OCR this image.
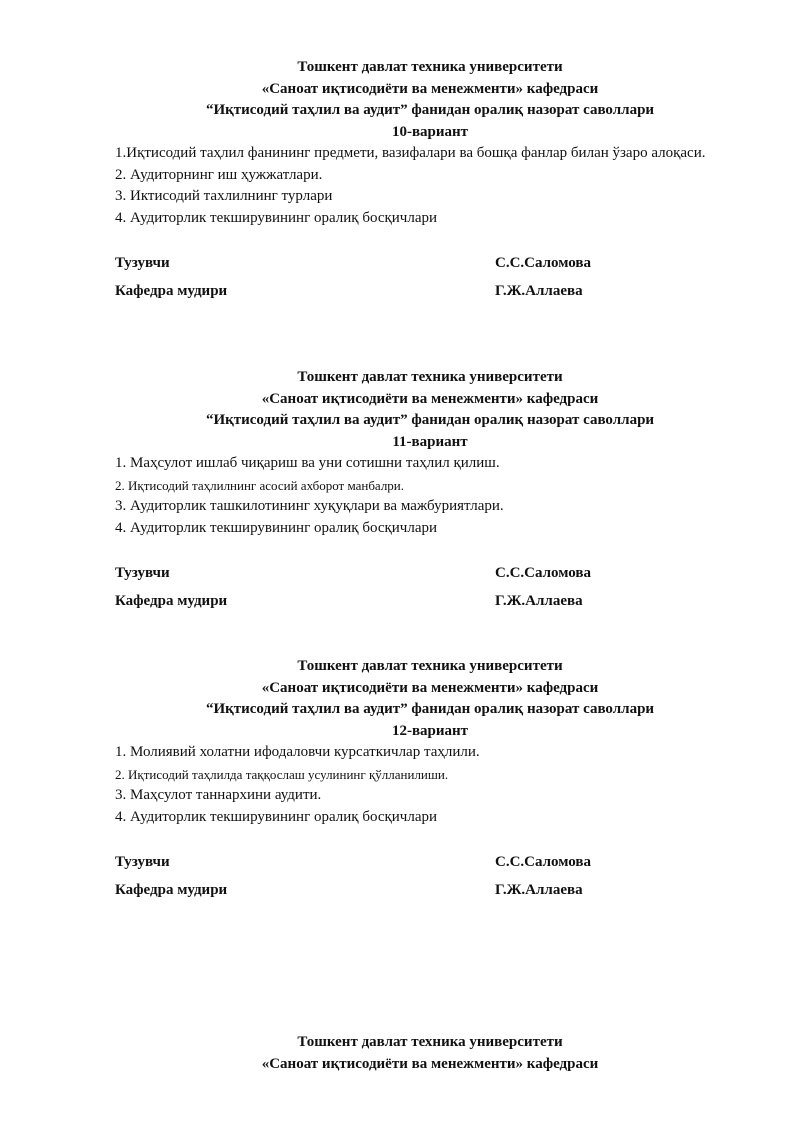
Тошкент давлат техника университети

«Саноат иқтисодиёти ва менежменти» кафедраси

“Иқтисодий таҳлил ва аудит” фанидан оралиқ назорат саволлари

10-вариант

1.Иқтисодий таҳлил фанининг предмети, вазифалари ва бошқа фанлар билан ўзаро алоқаси.

2. Аудиторнинг иш ҳужжатлари.

3. Иктисодий тахлилнинг турлари

4. Аудиторлик текширувининг оралиқ босқичлари

Тузувчи	С.С.Саломова
Кафедра мудири	Г.Ж.Аллаева

Тошкент давлат техника университети

«Саноат иқтисодиёти ва менежменти» кафедраси

“Иқтисодий таҳлил ва аудит” фанидан оралиқ назорат саволлари

11-вариант

1. Маҳсулот ишлаб чиқариш ва уни сотишни таҳлил қилиш.

2. Иқтисодий таҳлилнинг асосий ахборот манбалри.

3. Аудиторлик ташкилотининг хуқуқлари ва мажбуриятлари.

4. Аудиторлик текширувининг оралиқ босқичлари

Тузувчи	С.С.Саломова
Кафедра мудири	Г.Ж.Аллаева

Тошкент давлат техника университети

«Саноат иқтисодиёти ва менежменти» кафедраси

“Иқтисодий таҳлил ва аудит” фанидан оралиқ назорат саволлари

12-вариант

1. Молиявий холатни ифодаловчи курсаткичлар таҳлили.

2. Иқтисодий таҳлилда таққослаш усулининг қўлланилиши.

3. Маҳсулот таннархини аудити.

4. Аудиторлик текширувининг оралиқ босқичлари

Тузувчи	С.С.Саломова
Кафедра мудири	Г.Ж.Аллаева

Тошкент давлат техника университети

«Саноат иқтисодиёти ва менежменти» кафедраси
